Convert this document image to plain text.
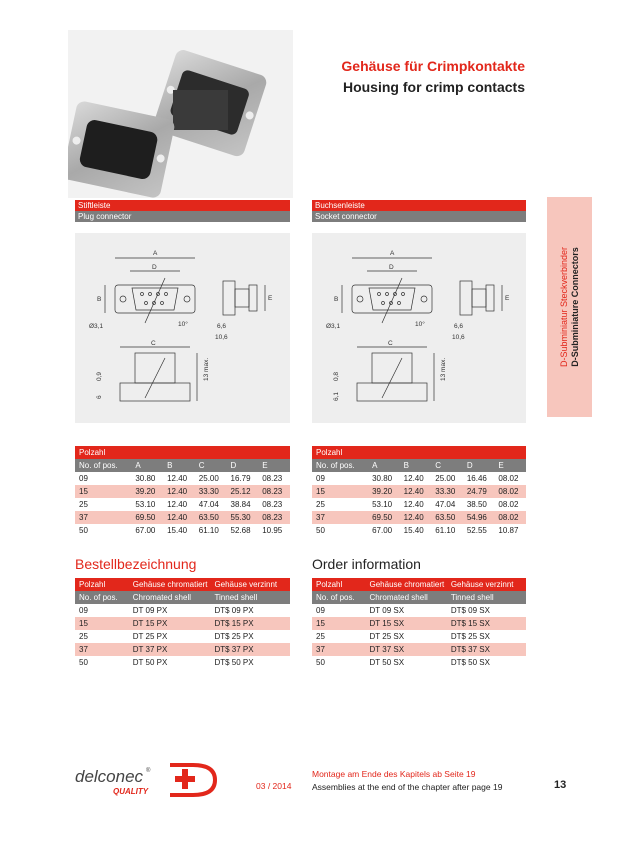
Gehäuse für Crimpkontakte
Housing for crimp contacts
D-Subminiatur Steckverbinder D-Subminiature Connectors
Stiftleiste
Plug connector
Buchsenleiste
Socket connector
A
D
B
Ø3,1	10°
E
6,6
10,6
C
13 max.
0,9
6
A
D
B
Ø3,1	10°
E
6,6
10,6
C
13 max.
0,8
6,1
Polzahl					
No. of pos.	A	B	C	D	E
09	30.80	12.40	25.00	16.79	08.23
15	39.20	12.40	33.30	25.12	08.23
25	53.10	12.40	47.04	38.84	08.23
37	69.50	12.40	63.50	55.30	08.23
50	67.00	15.40	61.10	52.68	10.95
Polzahl					
No. of pos.	A	B	C	D	E
09	30.80	12.40	25.00	16.46	08.02
15	39.20	12.40	33.30	24.79	08.02
25	53.10	12.40	47.04	38.50	08.02
37	69.50	12.40	63.50	54.96	08.02
50	67.00	15.40	61.10	52.55	10.87
Bestellbezeichnung	Order information
Polzahl	Gehäuse chromatiert	Gehäuse verzinnt
No. of pos.	Chromated shell	Tinned shell
09	DT 09 PX	DT$ 09 PX
15	DT 15 PX	DT$ 15 PX
25	DT 25 PX	DT$ 25 PX
37	DT 37 PX	DT$ 37 PX
50	DT 50 PX	DT$ 50 PX
Polzahl	Gehäuse chromatiert	Gehäuse verzinnt
No. of pos.	Chromated shell	Tinned shell
09	DT 09 SX	DT$ 09 SX
15	DT 15 SX	DT$ 15 SX
25	DT 25 SX	DT$ 25 SX
37	DT 37 SX	DT$ 37 SX
50	DT 50 SX	DT$ 50 SX
delconec
QUALITY
®
03 / 2014
Montage am Ende des Kapitels ab Seite 19
Assemblies at the end of the chapter after page 19	13
